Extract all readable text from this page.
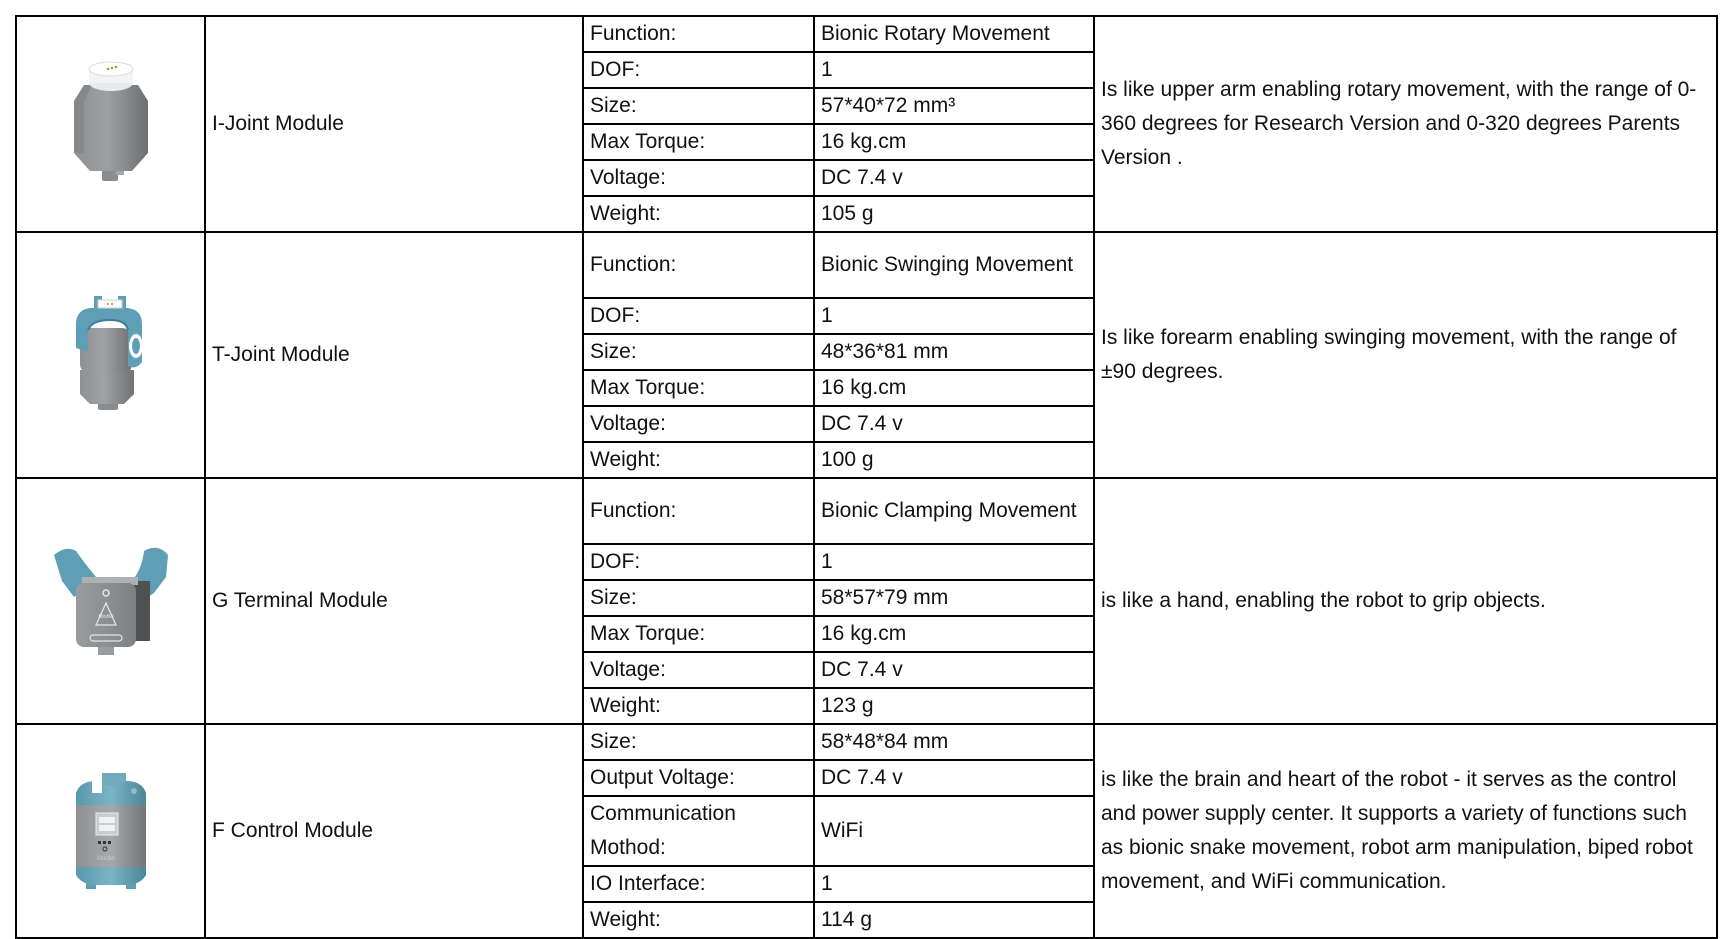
	I-Joint Module	Function:	Bionic Rotary Movement	Is like upper arm enabling rotary movement, with the range of 0-360 degrees for Research Version and 0-320 degrees Parents Version .
		DOF:	1	
		Size:	57*40*72 mm³	
		Max Torque:	16 kg.cm	
		Voltage:	DC 7.4 v	
		Weight:	105 g	
	T-Joint Module	Function:	Bionic Swinging Movement	Is like forearm enabling swinging movement, with the range of ±90 degrees.
		DOF:	1	
		Size:	48*36*81 mm	
		Max Torque:	16 kg.cm	
		Voltage:	DC 7.4 v	
		Weight:	100 g	

ModMi	G Terminal Module	Function:	Bionic Clamping Movement	is like a hand, enabling the robot to grip objects.
		DOF:	1	
		Size:	58*57*79 mm	
		Max Torque:	16 kg.cm	
		Voltage:	DC 7.4 v	
		Weight:	123 g	

ModMi	F Control Module	Size:	58*48*84 mm	is like the brain and heart of the robot - it serves as the control and power supply center. It supports a variety of functions such as bionic snake movement, robot arm manipulation, biped robot movement, and WiFi communication.
		Output Voltage:	DC 7.4 v	
		Communication Mothod:	WiFi	
		IO Interface:	1	
		Weight:	114 g	
